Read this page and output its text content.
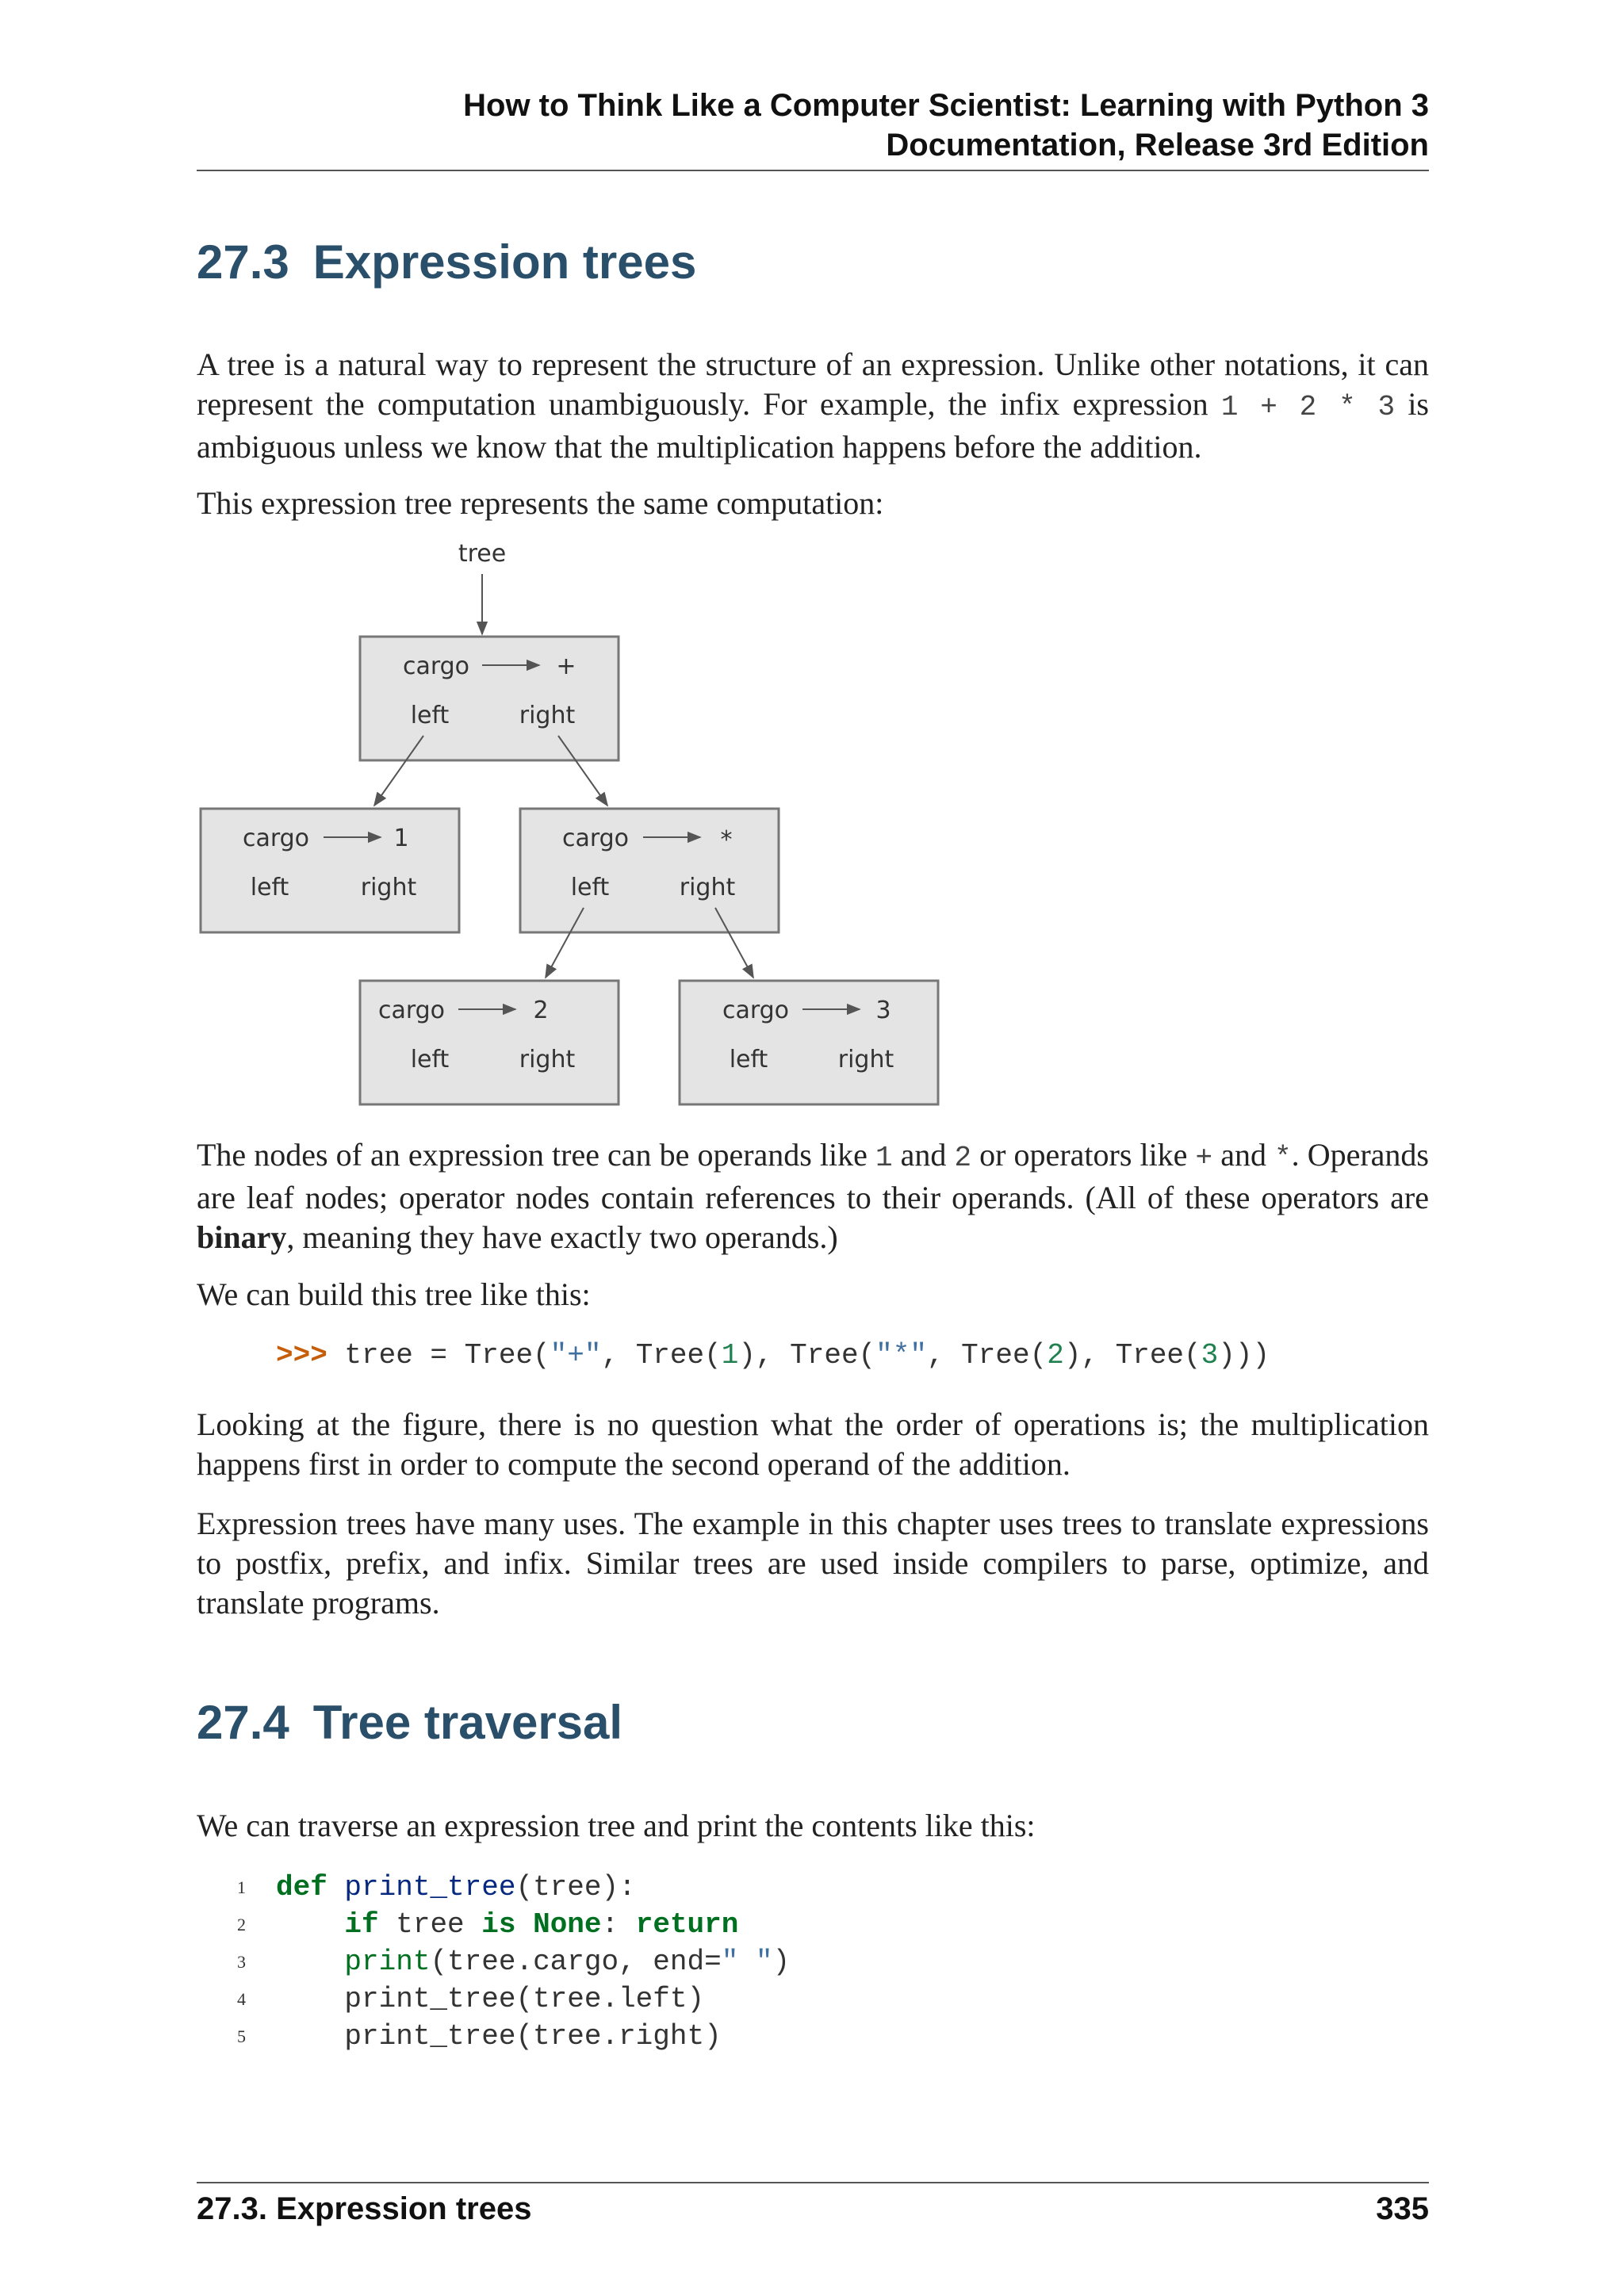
How to Think Like a Computer Scientist: Learning with Python 3
Documentation, Release 3rd Edition
27.3 Expression trees

A tree is a natural way to represent the structure of an expression. Unlike other notations, it can represent the computation unambiguously. For example, the infix expression 1 + 2 * 3 is ambiguous unless we know that the multiplication happens before the addition.

This expression tree represents the same computation:

tree
cargo	+
left	right
cargo	1
left	right
cargo	*
left	right
cargo	2
left	right
cargo	3
left	right

The nodes of an expression tree can be operands like 1 and 2 or operators like + and *. Operands are leaf nodes; operator nodes contain references to their operands. (All of these operators are binary, meaning they have exactly two operands.)

We can build this tree like this:

>>> tree = Tree("+", Tree(1), Tree("*", Tree(2), Tree(3)))

Looking at the figure, there is no question what the order of operations is; the multiplication happens first in order to compute the second operand of the addition.

Expression trees have many uses. The example in this chapter uses trees to translate expressions to postfix, prefix, and infix. Similar trees are used inside compilers to parse, optimize, and translate programs.

27.4 Tree traversal

We can traverse an expression tree and print the contents like this:

1
2
3
4
5
def print_tree(tree):
if tree is None: return
print(tree.cargo, end=" ")
print_tree(tree.left)
print_tree(tree.right)
27.3. Expression trees	335
